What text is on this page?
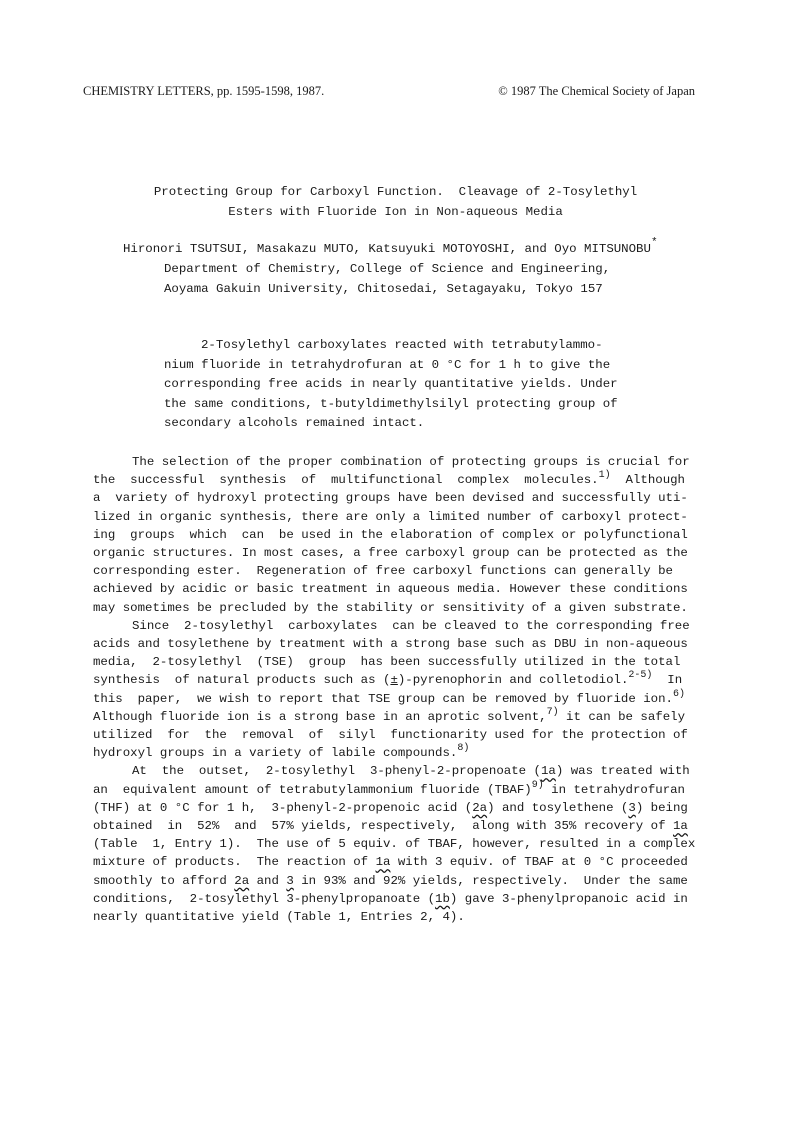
CHEMISTRY LETTERS, pp. 1595-1598, 1987.	© 1987 The Chemical Society of Japan
Protecting Group for Carboxyl Function.  Cleavage of 2-Tosylethyl
Esters with Fluoride Ion in Non-aqueous Media
Hironori TSUTSUI, Masakazu MUTO, Katsuyuki MOTOYOSHI, and Oyo MITSUNOBU*
Department of Chemistry, College of Science and Engineering,
Aoyama Gakuin University, Chitosedai, Setagayaku, Tokyo 157
2-Tosylethyl carboxylates reacted with tetrabutylammo-
nium fluoride in tetrahydrofuran at 0 °C for 1 h to give the
corresponding free acids in nearly quantitative yields. Under
the same conditions, t-butyldimethylsilyl protecting group of
secondary alcohols remained intact.
The selection of the proper combination of protecting groups is crucial for
the  successful  synthesis  of  multifunctional  complex  molecules.$^{1)}$  Although
a  variety of hydroxyl protecting groups have been devised and successfully uti-
lized in organic synthesis, there are only a limited number of carboxyl protect-
ing  groups  which  can  be used in the elaboration of complex or polyfunctional
organic structures. In most cases, a free carboxyl group can be protected as the
corresponding ester.  Regeneration of free carboxyl functions can generally be
achieved by acidic or basic treatment in aqueous media. However these conditions
may sometimes be precluded by the stability or sensitivity of a given substrate.
Since  2-tosylethyl  carboxylates  can be cleaved to the corresponding free
acids and tosylethene by treatment with a strong base such as DBU in non-aqueous
media,  2-tosylethyl  (TSE)  group  has been successfully utilized in the total
synthesis  of natural products such as (±)-pyrenophorin and colletodiol.$^{2-5)}$  In
this  paper,  we wish to report that TSE group can be removed by fluoride ion.$^{6)}$
Although fluoride ion is a strong base in an aprotic solvent,$^{7)}$ it can be safely
utilized  for  the  removal  of  silyl  functionarity used for the protection of
hydroxyl groups in a variety of labile compounds.$^{8)}$
At  the  outset,  2-tosylethyl  3-phenyl-2-propenoate (1a) was treated with
an  equivalent amount of tetrabutylammonium fluoride (TBAF)$^{9)}$ in tetrahydrofuran
(THF) at 0 °C for 1 h,  3-phenyl-2-propenoic acid (2a) and tosylethene (3) being
obtained  in  52%  and  57% yields, respectively,  along with 35% recovery of 1a
(Table  1, Entry 1).  The use of 5 equiv. of TBAF, however, resulted in a complex
mixture of products.  The reaction of 1a with 3 equiv. of TBAF at 0 °C proceeded
smoothly to afford 2a and 3 in 93% and 92% yields, respectively.  Under the same
conditions,  2-tosylethyl 3-phenylpropanoate (1b) gave 3-phenylpropanoic acid in
nearly quantitative yield (Table 1, Entries 2, 4).
